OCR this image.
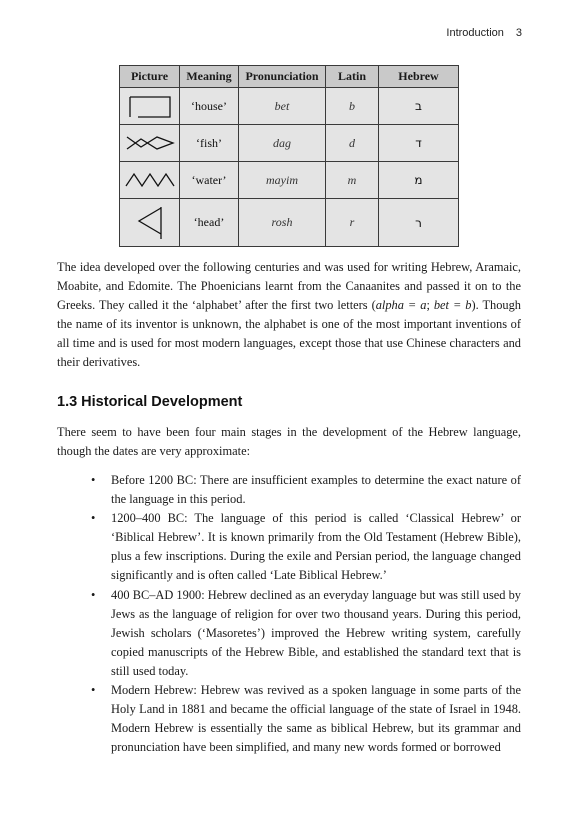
Introduction 3
Picture	Meaning	Pronunciation	Latin	Hebrew

	‘house’	bet	b	ב

	‘fish’	dag	d	ד

	‘water’	mayim	m	מ

	‘head’	rosh	r	ר

The idea developed over the following centuries and was used for writing Hebrew, Aramaic, Moabite, and Edomite. The Phoenicians learnt from the Canaanites and passed it on to the Greeks. They called it the ‘alphabet’ after the first two letters (alpha = a; bet = b). Though the name of its inventor is unknown, the alphabet is one of the most important inventions of all time and is used for most modern languages, except those that use Chinese characters and their derivatives.

1.3 Historical Development

There seem to have been four main stages in the development of the Hebrew language, though the dates are very approximate:

• Before 1200 BC: There are insufficient examples to determine the exact nature of the language in this period.
• 1200–400 BC: The language of this period is called ‘Classical Hebrew’ or ‘Biblical Hebrew’. It is known primarily from the Old Testament (Hebrew Bible), plus a few inscriptions. During the exile and Persian period, the language changed significantly and is often called ‘Late Biblical Hebrew.’
• 400 BC–AD 1900: Hebrew declined as an everyday language but was still used by Jews as the language of religion for over two thousand years. During this period, Jewish scholars (‘Masoretes’) improved the Hebrew writing system, carefully copied manuscripts of the Hebrew Bible, and established the standard text that is still used today.
• Modern Hebrew: Hebrew was revived as a spoken language in some parts of the Holy Land in 1881 and became the official language of the state of Israel in 1948. Modern Hebrew is essentially the same as biblical Hebrew, but its grammar and pronunciation have been simplified, and many new words formed or borrowed
